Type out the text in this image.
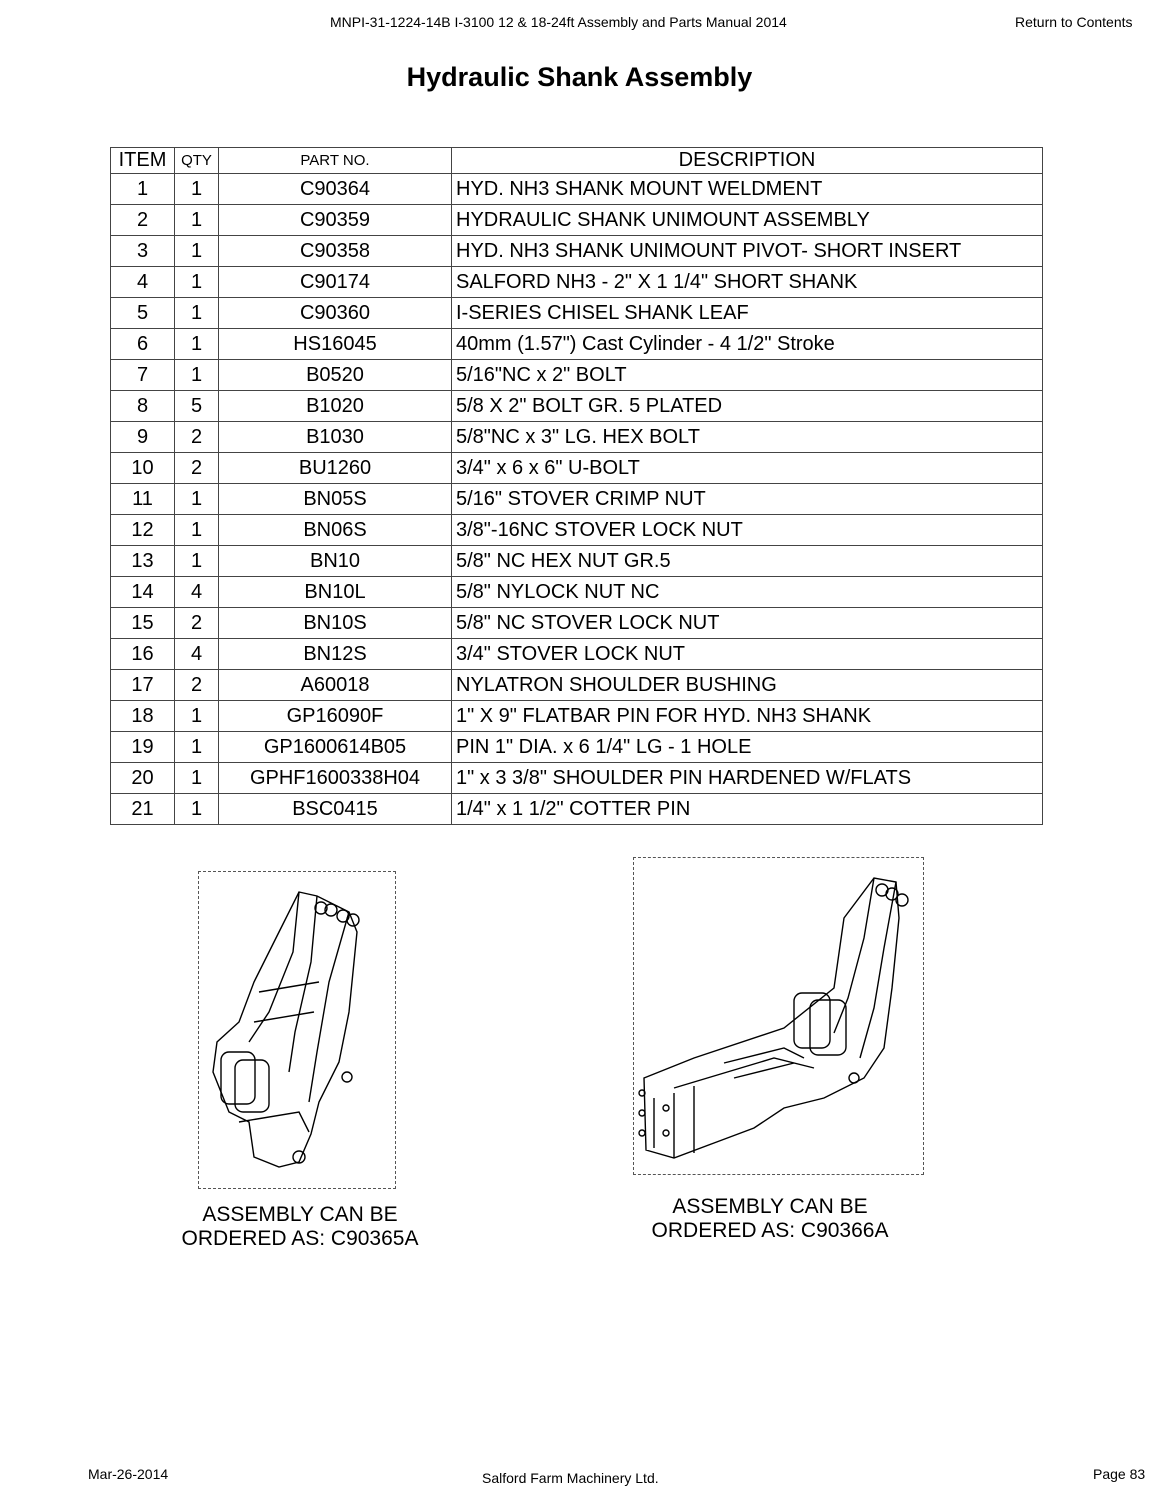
MNPI-31-1224-14B I-3100 12 & 18-24ft Assembly and Parts Manual 2014	Return to Contents
Hydraulic Shank Assembly
ITEM	QTY	PART NO.	DESCRIPTION
1	1	C90364	HYD. NH3 SHANK MOUNT WELDMENT
2	1	C90359	HYDRAULIC SHANK UNIMOUNT ASSEMBLY
3	1	C90358	HYD. NH3 SHANK UNIMOUNT PIVOT- SHORT INSERT
4	1	C90174	SALFORD NH3 - 2" X 1 1/4" SHORT SHANK
5	1	C90360	I-SERIES CHISEL SHANK LEAF
6	1	HS16045	40mm (1.57") Cast Cylinder - 4 1/2" Stroke
7	1	B0520	5/16"NC x 2" BOLT
8	5	B1020	5/8 X 2" BOLT GR. 5 PLATED
9	2	B1030	5/8"NC x 3" LG. HEX BOLT
10	2	BU1260	3/4" x 6 x 6" U-BOLT
11	1	BN05S	5/16" STOVER CRIMP NUT
12	1	BN06S	3/8"-16NC STOVER LOCK NUT
13	1	BN10	5/8" NC HEX NUT GR.5
14	4	BN10L	5/8" NYLOCK NUT NC
15	2	BN10S	5/8" NC STOVER LOCK NUT
16	4	BN12S	3/4" STOVER LOCK NUT
17	2	A60018	NYLATRON SHOULDER BUSHING
18	1	GP16090F	1" X 9" FLATBAR PIN FOR HYD. NH3 SHANK
19	1	GP1600614B05	PIN 1" DIA. x 6 1/4" LG - 1 HOLE
20	1	GPHF1600338H04	1" x 3 3/8" SHOULDER PIN HARDENED W/FLATS
21	1	BSC0415	1/4" x 1 1/2" COTTER PIN
ASSEMBLY CAN BE
ORDERED AS: C90365A
ASSEMBLY CAN BE
ORDERED AS: C90366A
Mar-26-2014	Salford Farm Machinery Ltd.	Page 83
